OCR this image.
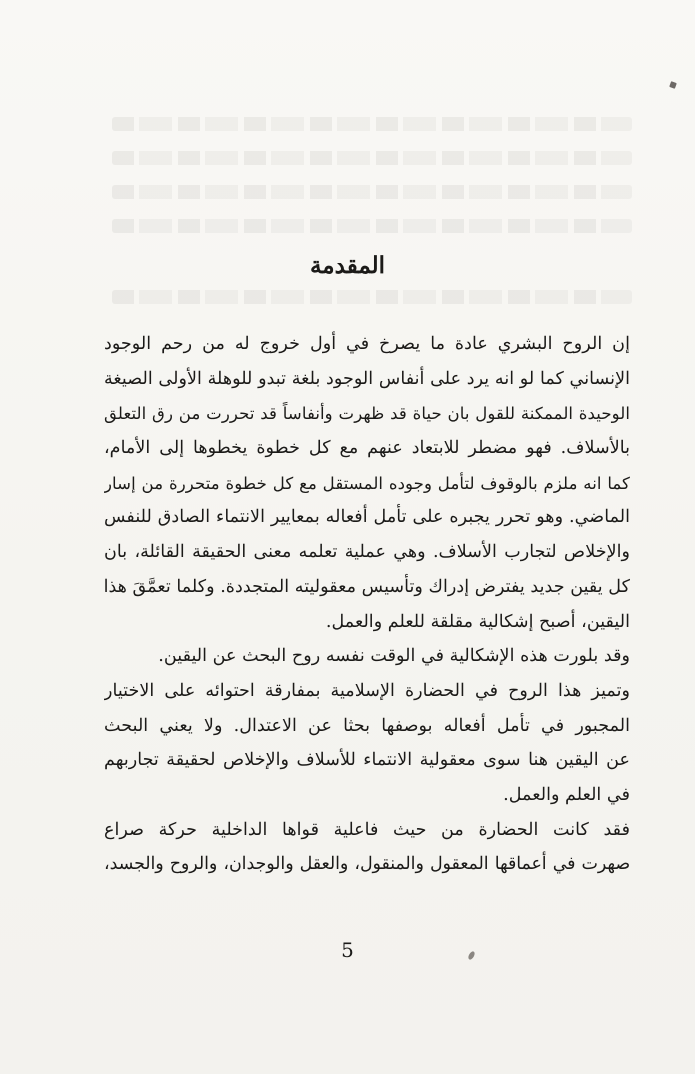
المقدمة
إن الروح البشري عادة ما يصرخ في أول خروج له من رحم الوجود
الإنساني كما لو انه يرد على أنفاس الوجود بلغة تبدو للوهلة الأولى الصيغة
الوحيدة الممكنة للقول بان حياة قد ظهرت وأنفاساً قد تحررت من رق التعلق
بالأسلاف. فهو مضطر للابتعاد عنهم مع كل خطوة يخطوها إلى الأمام،
كما انه ملزم بالوقوف لتأمل وجوده المستقل مع كل خطوة متحررة من إسار
الماضي. وهو تحرر يجبره على تأمل أفعاله بمعايير الانتماء الصادق للنفس
والإخلاص لتجارب الأسلاف. وهي عملية تعلمه معنى الحقيقة القائلة، بان
كل يقين جديد يفترض إدراك وتأسيس معقوليته المتجددة. وكلما تعمَّقَ هذا
اليقين، أصبح إشكالية مقلقة للعلم والعمل.
وقد بلورت هذه الإشكالية في الوقت نفسه روح البحث عن اليقين.
وتميز هذا الروح في الحضارة الإسلامية بمفارقة احتوائه على الاختيار
المجبور في تأمل أفعاله بوصفها بحثا عن الاعتدال. ولا يعني البحث
عن اليقين هنا سوى معقولية الانتماء للأسلاف والإخلاص لحقيقة تجاربهم
في العلم والعمل.
فقد كانت الحضارة من حيث فاعلية قواها الداخلية حركة صراع
صهرت في أعماقها المعقول والمنقول، والعقل والوجدان، والروح والجسد،
5
